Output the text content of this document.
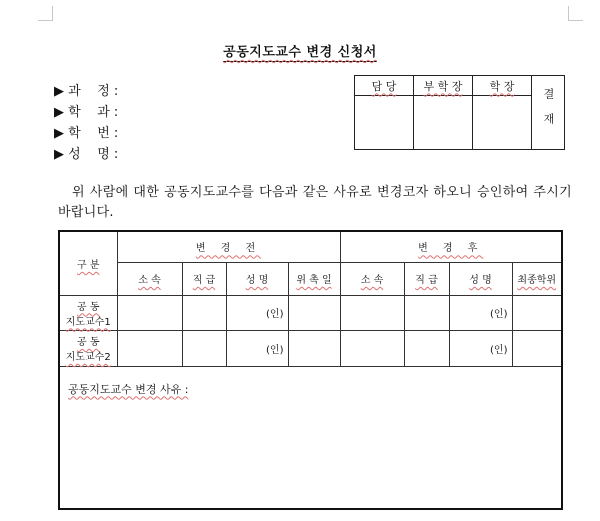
공동지도교수 변경 신청서
▶ 과    정 :
▶ 학    과 :
▶ 학    번 :
▶ 성    명 :
담 당	부 학 장	학 장	결재

위 사람에 대한 공동지도교수를 다음과 같은 사유로 변경코자 하오니 승인하여 주시기 바랍니다.
구 분	변 경 전				변 경 후			
	소 속	직 급	성 명	위 촉 일	소 속	직 급	성 명	최종학위

공 동
지도교수1			(인)				(인)	

공 동
지도교수2			(인)				(인)	
공동지도교수 변경 사유 :								
